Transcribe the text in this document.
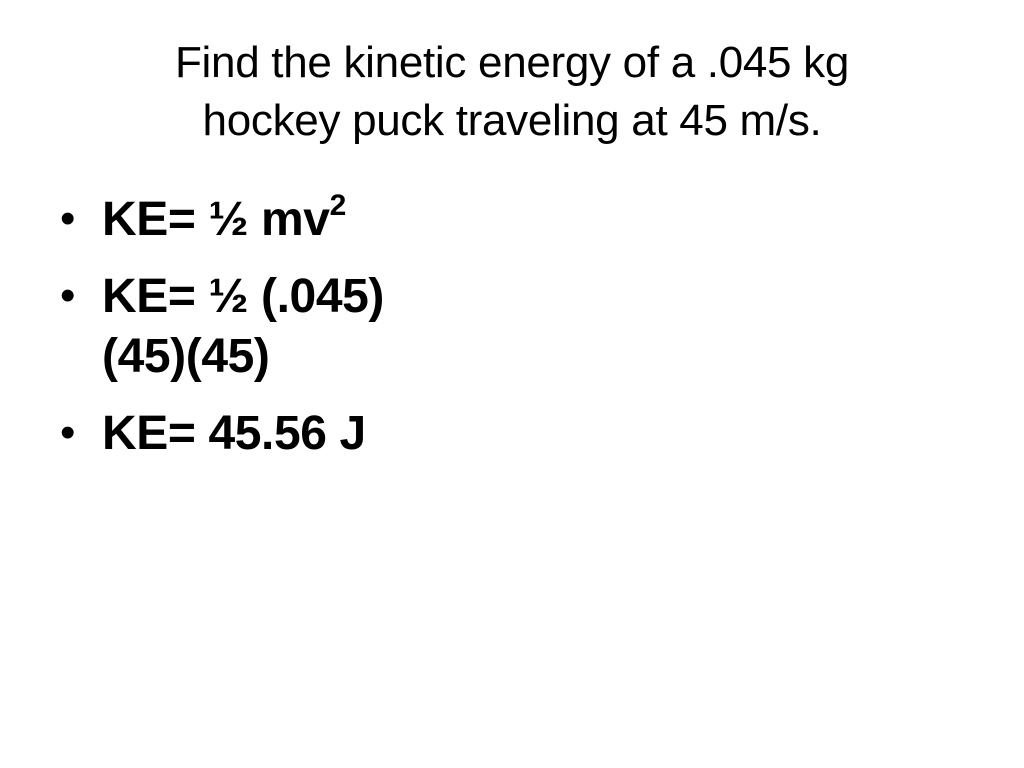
Find the kinetic energy of a .045 kg
hockey puck traveling at 45 m/s.
• KE= ½ $mv^2$
• KE= ½ (.045)
(45)(45)
• KE= 45.56 J
